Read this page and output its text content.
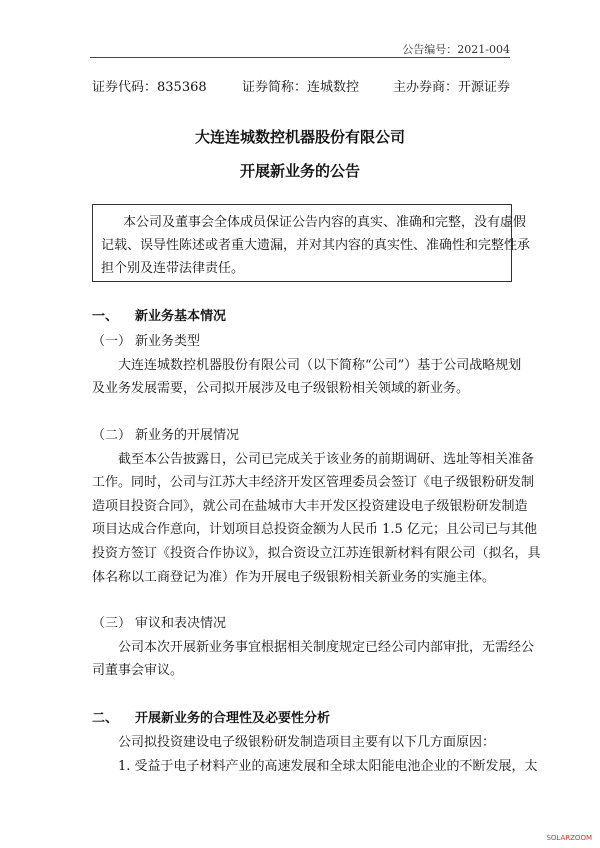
公告编号：2021-004
证券代码：835368	证券简称：连城数控	主办券商：开源证券
大连连城数控机器股份有限公司
开展新业务的公告
本公司及董事会全体成员保证公告内容的真实、准确和完整，没有虚假
记载、误导性陈述或者重大遗漏，并对其内容的真实性、准确性和完整性承
担个别及连带法律责任。
一、 新业务基本情况
（一） 新业务类型
大连连城数控机器股份有限公司（以下简称“公司”）基于公司战略规划
及业务发展需要，公司拟开展涉及电子级银粉相关领域的新业务。
（二） 新业务的开展情况
截至本公告披露日，公司已完成关于该业务的前期调研、选址等相关准备
工作。同时，公司与江苏大丰经济开发区管理委员会签订《电子级银粉研发制
造项目投资合同》，就公司在盐城市大丰开发区投资建设电子级银粉研发制造
项目达成合作意向，计划项目总投资金额为人民币 1.5 亿元；且公司已与其他
投资方签订《投资合作协议》，拟合资设立江苏连银新材料有限公司（拟名，具
体名称以工商登记为准）作为开展电子级银粉相关新业务的实施主体。
（三） 审议和表决情况
公司本次开展新业务事宜根据相关制度规定已经公司内部审批，无需经公
司董事会审议。
二、 开展新业务的合理性及必要性分析
公司拟投资建设电子级银粉研发制造项目主要有以下几方面原因：
1. 受益于电子材料产业的高速发展和全球太阳能电池企业的不断发展，太
SOLARZOOM
